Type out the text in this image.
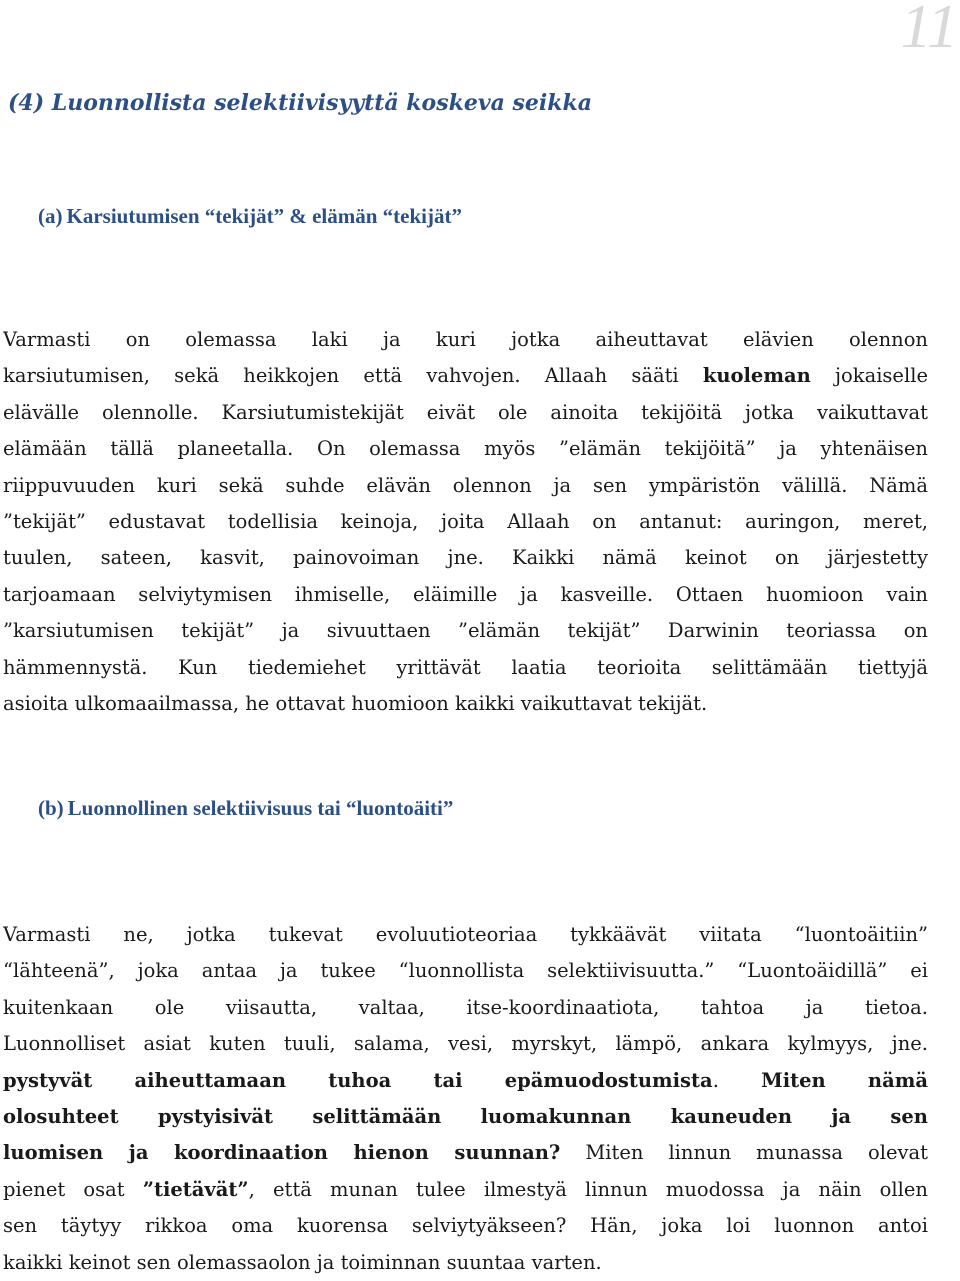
11
(4) Luonnollista selektiivisyyttä koskeva seikka
(a) Karsiutumisen “tekijät” & elämän “tekijät”
Varmasti on olemassa laki ja kuri jotka aiheuttavat elävien olennon
karsiutumisen, sekä heikkojen että vahvojen. Allaah sääti kuoleman jokaiselle
elävälle olennolle. Karsiutumistekijät eivät ole ainoita tekijöitä jotka vaikuttavat
elämään tällä planeetalla. On olemassa myös ”elämän tekijöitä” ja yhtenäisen
riippuvuuden kuri sekä suhde elävän olennon ja sen ympäristön välillä. Nämä
”tekijät” edustavat todellisia keinoja, joita Allaah on antanut: auringon, meret,
tuulen, sateen, kasvit, painovoiman jne. Kaikki nämä keinot on järjestetty
tarjoamaan selviytymisen ihmiselle, eläimille ja kasveille. Ottaen huomioon vain
”karsiutumisen tekijät” ja sivuuttaen ”elämän tekijät” Darwinin teoriassa on
hämmennystä. Kun tiedemiehet yrittävät laatia teorioita selittämään tiettyjä
asioita ulkomaailmassa, he ottavat huomioon kaikki vaikuttavat tekijät.
(b) Luonnollinen selektiivisuus tai “luontoäiti”
Varmasti ne, jotka tukevat evoluutioteoriaa tykkäävät viitata “luontoäitiin”
“lähteenä”, joka antaa ja tukee “luonnollista selektiivisuutta.” “Luontoäidillä” ei
kuitenkaan ole viisautta, valtaa, itse-koordinaatiota, tahtoa ja tietoa.
Luonnolliset asiat kuten tuuli, salama, vesi, myrskyt, lämpö, ankara kylmyys, jne.
pystyvät aiheuttamaan tuhoa tai epämuodostumista. Miten nämä
olosuhteet pystyisivät selittämään luomakunnan kauneuden ja sen
luomisen ja koordinaation hienon suunnan? Miten linnun munassa olevat
pienet osat ”tietävät”, että munan tulee ilmestyä linnun muodossa ja näin ollen
sen täytyy rikkoa oma kuorensa selviytyäkseen? Hän, joka loi luonnon antoi
kaikki keinot sen olemassaolon ja toiminnan suuntaa varten.
